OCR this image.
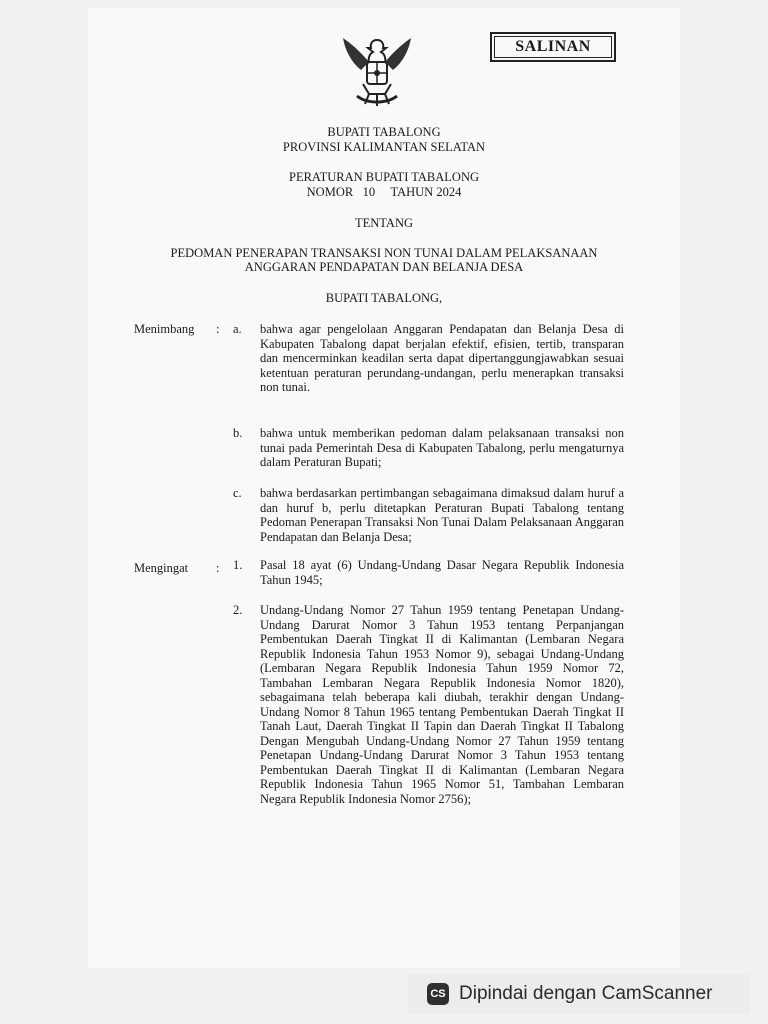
SALINAN
BUPATI TABALONG
PROVINSI KALIMANTAN SELATAN
PERATURAN BUPATI TABALONG
NOMOR   10     TAHUN 2024
TENTANG
PEDOMAN PENERAPAN TRANSAKSI NON TUNAI DALAM PELAKSANAAN
ANGGARAN PENDAPATAN DAN BELANJA DESA
BUPATI TABALONG,
Menimbang : a. bahwa agar pengelolaan Anggaran Pendapatan dan Belanja Desa di Kabupaten Tabalong dapat berjalan efektif, efisien, tertib, transparan dan mencerminkan keadilan serta dapat dipertanggungjawabkan sesuai ketentuan peraturan perundang-undangan, perlu menerapkan transaksi non tunai.
b. bahwa untuk memberikan pedoman dalam pelaksanaan transaksi non tunai pada Pemerintah Desa di Kabupaten Tabalong, perlu mengaturnya dalam Peraturan Bupati;
c. bahwa berdasarkan pertimbangan sebagaimana dimaksud dalam huruf a dan huruf b, perlu ditetapkan Peraturan Bupati Tabalong tentang Pedoman Penerapan Transaksi Non Tunai Dalam Pelaksanaan Anggaran Pendapatan dan Belanja Desa;
Mengingat : 1. Pasal 18 ayat (6) Undang-Undang Dasar Negara Republik Indonesia Tahun 1945;
2. Undang-Undang Nomor 27 Tahun 1959 tentang Penetapan Undang-Undang Darurat Nomor 3 Tahun 1953 tentang Perpanjangan Pembentukan Daerah Tingkat II di Kalimantan (Lembaran Negara Republik Indonesia Tahun 1953 Nomor 9), sebagai Undang-Undang (Lembaran Negara Republik Indonesia Tahun 1959 Nomor 72, Tambahan Lembaran Negara Republik Indonesia Nomor 1820), sebagaimana telah beberapa kali diubah, terakhir dengan Undang-Undang Nomor 8 Tahun 1965 tentang Pembentukan Daerah Tingkat II Tanah Laut, Daerah Tingkat II Tapin dan Daerah Tingkat II Tabalong Dengan Mengubah Undang-Undang Nomor 27 Tahun 1959 tentang Penetapan Undang-Undang Darurat Nomor 3 Tahun 1953 tentang Pembentukan Daerah Tingkat II di Kalimantan (Lembaran Negara Republik Indonesia Tahun 1965 Nomor 51, Tambahan Lembaran Negara Republik Indonesia Nomor 2756);
CS Dipindai dengan CamScanner
